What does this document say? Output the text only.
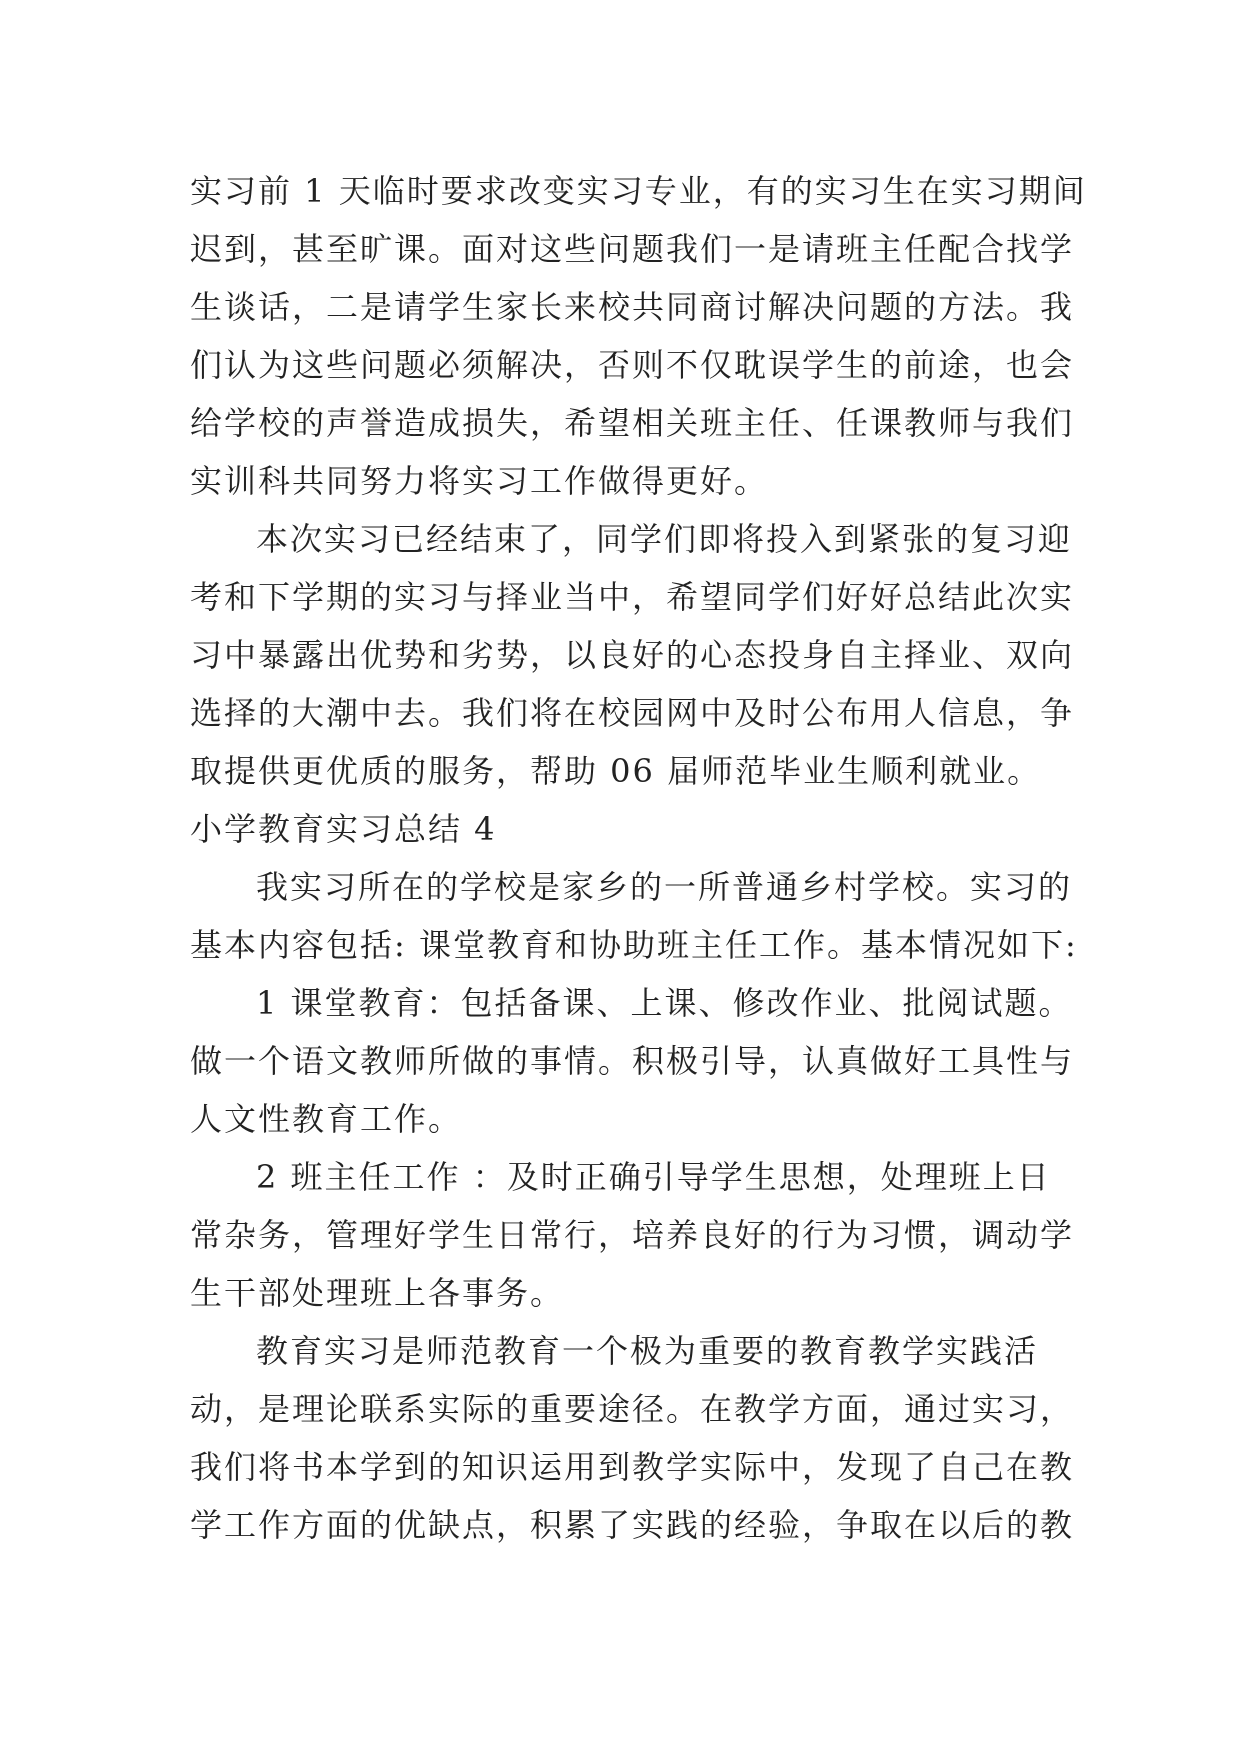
实习前 1 天临时要求改变实习专业，有的实习生在实习期间
迟到，甚至旷课。面对这些问题我们一是请班主任配合找学
生谈话，二是请学生家长来校共同商讨解决问题的方法。我
们认为这些问题必须解决，否则不仅耽误学生的前途，也会
给学校的声誉造成损失，希望相关班主任、任课教师与我们
实训科共同努力将实习工作做得更好。
本次实习已经结束了，同学们即将投入到紧张的复习迎
考和下学期的实习与择业当中，希望同学们好好总结此次实
习中暴露出优势和劣势，以良好的心态投身自主择业、双向
选择的大潮中去。我们将在校园网中及时公布用人信息，争
取提供更优质的服务，帮助 06 届师范毕业生顺利就业。
小学教育实习总结 4
我实习所在的学校是家乡的一所普通乡村学校。实习的
基本内容包括: 课堂教育和协助班主任工作。基本情况如下:
1 课堂教育：包括备课、上课、修改作业、批阅试题。
做一个语文教师所做的事情。积极引导，认真做好工具性与
人文性教育工作。
2 班主任工作 ：及时正确引导学生思想，处理班上日
常杂务，管理好学生日常行，培养良好的行为习惯，调动学
生干部处理班上各事务。
教育实习是师范教育一个极为重要的教育教学实践活
动，是理论联系实际的重要途径。在教学方面，通过实习，
我们将书本学到的知识运用到教学实际中，发现了自己在教
学工作方面的优缺点，积累了实践的经验，争取在以后的教
